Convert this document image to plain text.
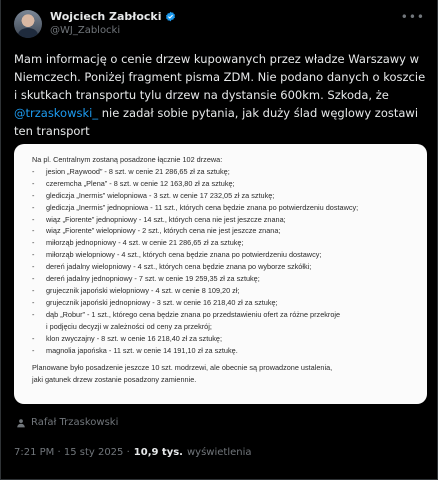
Wojciech Zabłocki
@WJ_Zablocki
•••
Mam informację o cenie drzew kupowanych przez władze Warszawy w Niemczech. Poniżej fragment pisma ZDM. Nie podano danych o koszcie i skutkach transportu tylu drzew na dystansie 600km. Szkoda, że @trzaskowski_ nie zadał sobie pytania, jak duży ślad węglowy zostawi ten transport
Na pl. Centralnym zostaną posadzone łącznie 102 drzewa:
- jesion „Raywood” - 8 szt. w cenie 21 286,65 zł za sztukę;
- czeremcha „Plena” - 8 szt. w cenie 12 163,80 zł za sztukę;
- glediczja „Inermis” wielopniowa - 3 szt. w cenie 17 232,05 zł za sztukę;
- glediczja „Inermis” jednopniowa - 11 szt., których cena będzie znana po potwierdzeniu dostawcy;
- wiąz „Fiorente” jednopniowy - 14 szt., których cena nie jest jeszcze znana;
- wiąz „Fiorente” wielopniowy - 2 szt., których cena nie jest jeszcze znana;
- miłorząb jednopniowy - 4 szt. w cenie 21 286,65 zł za sztukę;
- miłorząb wielopniowy - 4 szt., których cena będzie znana po potwierdzeniu dostawcy;
- dereń jadalny wielopniowy - 4 szt., których cena będzie znana po wyborze szkółki;
- dereń jadalny jednopniowy - 7 szt. w cenie 19 259,35 zł za sztukę;
- grujecznik japoński wielopniowy - 4 szt. w cenie 8 109,20 zł;
- grujecznik japoński jednopniowy - 3 szt. w cenie 16 218,40 zł za sztukę;
- dąb „Robur” - 1 szt., którego cena będzie znana po przedstawieniu ofert za różne przekroje
i podjęciu decyzji w zależności od ceny za przekrój;
- klon zwyczajny - 8 szt. w cenie 16 218,40 zł za sztukę;
- magnolia japońska - 11 szt. w cenie 14 191,10 zł za sztukę.
Planowane było posadzenie jeszcze 10 szt. modrzewi, ale obecnie są prowadzone ustalenia,
jaki gatunek drzew zostanie posadzony zamiennie.
Rafał Trzaskowski
7:21 PM · 15 sty 2025 · 10,9 tys. wyświetlenia
